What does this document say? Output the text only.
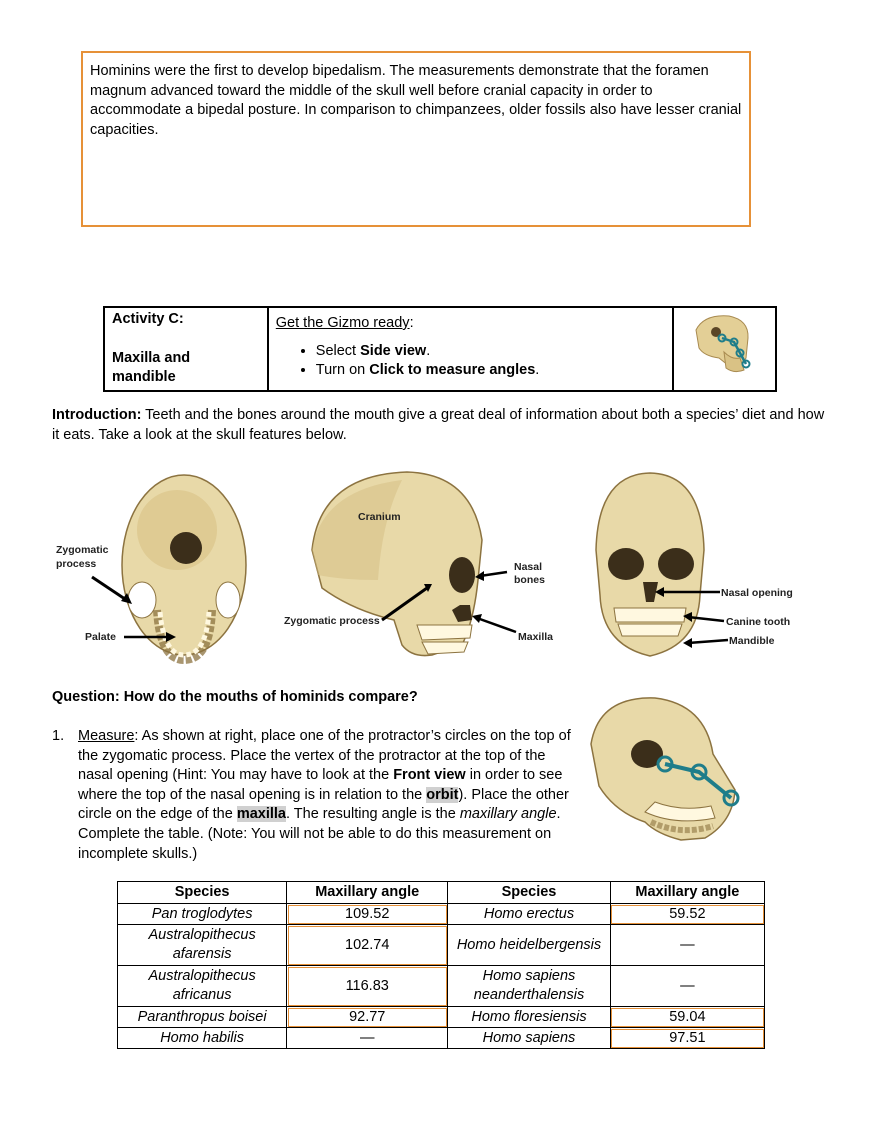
Hominins were the first to develop bipedalism. The measurements demonstrate that the foramen magnum advanced toward the middle of the skull well before cranial capacity in order to accommodate a bipedal posture. In comparison to chimpanzees, older fossils also have lesser cranial capacities.
Activity C:
Maxilla and
mandible

Get the Gizmo ready:
• Select Side view.
• Turn on Click to measure angles.

Introduction: Teeth and the bones around the mouth give a great deal of information about both a species’ diet and how it eats. Take a look at the skull features below.
Zygomatic
process
Palate
Cranium
Zygomatic process
Nasal
bones
Maxilla
Nasal opening
Canine tooth
Mandible
Question: How do the mouths of hominids compare?
1. Measure: As shown at right, place one of the protractor’s circles on the top of the zygomatic process. Place the vertex of the protractor at the top of the nasal opening (Hint: You may have to look at the Front view in order to see where the top of the nasal opening is in relation to the orbit). Place the other circle on the edge of the maxilla. The resulting angle is the maxillary angle. Complete the table. (Note: You will not be able to do this measurement on incomplete skulls.)
Species	Maxillary angle	Species	Maxillary angle
Pan troglodytes	109.52	Homo erectus	59.52
Australopithecus afarensis	102.74	Homo heidelbergensis	—
Australopithecus africanus	116.83	Homo sapiens neanderthalensis	—
Paranthropus boisei	92.77	Homo floresiensis	59.04
Homo habilis	—	Homo sapiens	97.51
